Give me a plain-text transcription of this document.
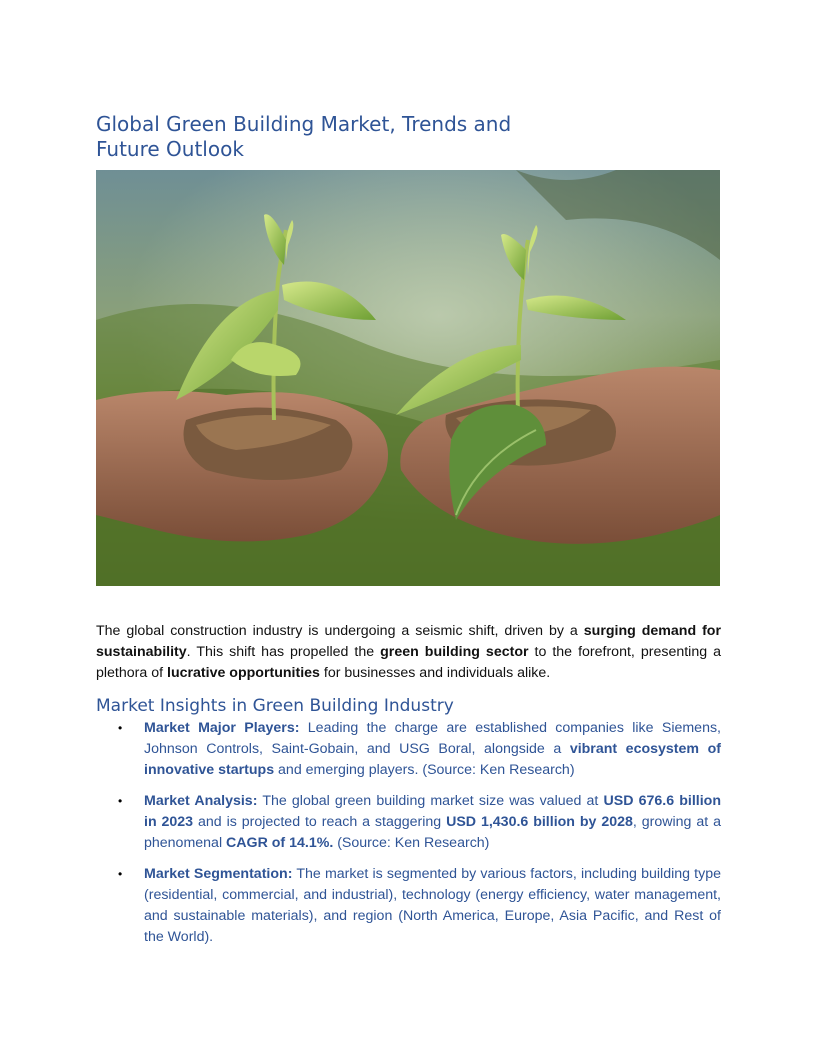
Global Green Building Market, Trends and Future Outlook

The global construction industry is undergoing a seismic shift, driven by a surging demand for sustainability. This shift has propelled the green building sector to the forefront, presenting a plethora of lucrative opportunities for businesses and individuals alike.

Market Insights in Green Building Industry
• Market Major Players: Leading the charge are established companies like Siemens, Johnson Controls, Saint-Gobain, and USG Boral, alongside a vibrant ecosystem of innovative startups and emerging players. (Source: Ken Research)
• Market Analysis: The global green building market size was valued at USD 676.6 billion in 2023 and is projected to reach a staggering USD 1,430.6 billion by 2028, growing at a phenomenal CAGR of 14.1%. (Source: Ken Research)
• Market Segmentation: The market is segmented by various factors, including building type (residential, commercial, and industrial), technology (energy efficiency, water management, and sustainable materials), and region (North America, Europe, Asia Pacific, and Rest of the World).
